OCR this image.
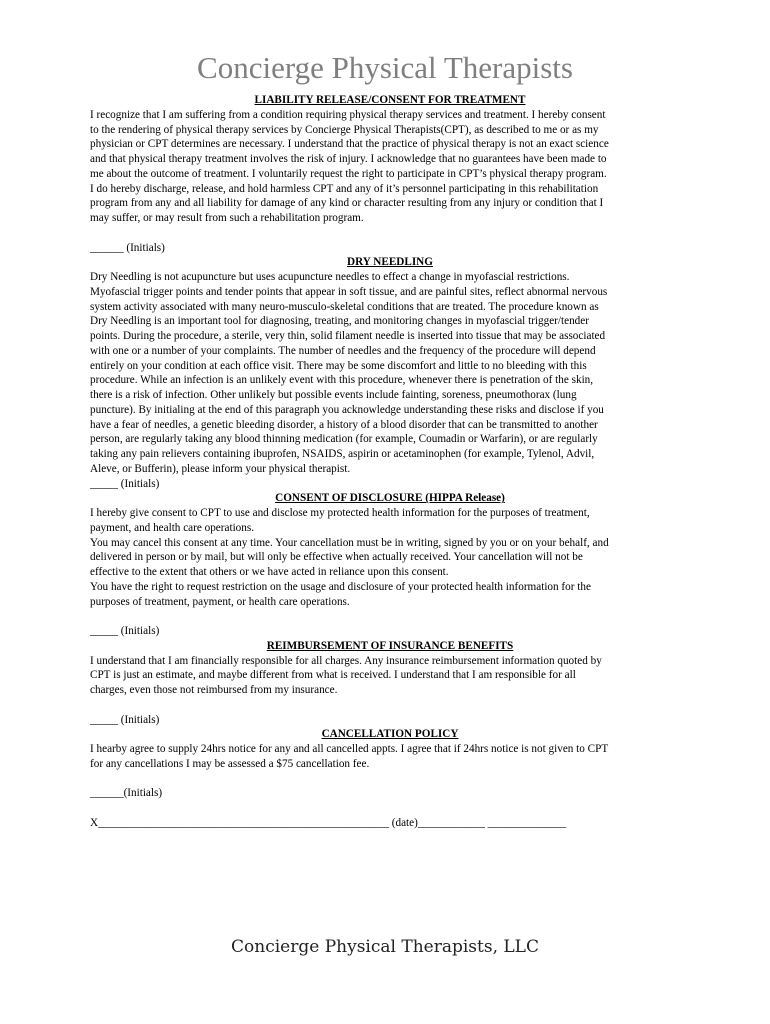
Concierge Physical Therapists
LIABILITY RELEASE/CONSENT FOR TREATMENT
I recognize that I am suffering from a condition requiring physical therapy services and treatment. I hereby consent
to the rendering of physical therapy services by Concierge Physical Therapists(CPT), as described to me or as my
physician or CPT determines are necessary. I understand that the practice of physical therapy is not an exact science
and that physical therapy treatment involves the risk of injury. I acknowledge that no guarantees have been made to
me about the outcome of treatment. I voluntarily request the right to participate in CPT’s physical therapy program.
I do hereby discharge, release, and hold harmless CPT and any of it’s personnel participating in this rehabilitation
program from any and all liability for damage of any kind or character resulting from any injury or condition that I
may suffer, or may result from such a rehabilitation program.
______ (Initials)
DRY NEEDLING
Dry Needling is not acupuncture but uses acupuncture needles to effect a change in myofascial restrictions.
Myofascial trigger points and tender points that appear in soft tissue, and are painful sites, reflect abnormal nervous
system activity associated with many neuro-musculo-skeletal conditions that are treated. The procedure known as
Dry Needling is an important tool for diagnosing, treating, and monitoring changes in myofascial trigger/tender
points. During the procedure, a sterile, very thin, solid filament needle is inserted into tissue that may be associated
with one or a number of your complaints. The number of needles and the frequency of the procedure will depend
entirely on your condition at each office visit. There may be some discomfort and little to no bleeding with this
procedure. While an infection is an unlikely event with this procedure, whenever there is penetration of the skin,
there is a risk of infection. Other unlikely but possible events include fainting, soreness, pneumothorax (lung
puncture). By initialing at the end of this paragraph you acknowledge understanding these risks and disclose if you
have a fear of needles, a genetic bleeding disorder, a history of a blood disorder that can be transmitted to another
person, are regularly taking any blood thinning medication (for example, Coumadin or Warfarin), or are regularly
taking any pain relievers containing ibuprofen, NSAIDS, aspirin or acetaminophen (for example, Tylenol, Advil,
Aleve, or Bufferin), please inform your physical therapist.
_____ (Initials)
CONSENT OF DISCLOSURE (HIPPA Release)
I hereby give consent to CPT to use and disclose my protected health information for the purposes of treatment,
payment, and health care operations.
You may cancel this consent at any time. Your cancellation must be in writing, signed by you or on your behalf, and
delivered in person or by mail, but will only be effective when actually received. Your cancellation will not be
effective to the extent that others or we have acted in reliance upon this consent.
You have the right to request restriction on the usage and disclosure of your protected health information for the
purposes of treatment, payment, or health care operations.
_____ (Initials)
REIMBURSEMENT OF INSURANCE BENEFITS
I understand that I am financially responsible for all charges. Any insurance reimbursement information quoted by
CPT is just an estimate, and maybe different from what is received. I understand that I am responsible for all
charges, even those not reimbursed from my insurance.
_____ (Initials)
CANCELLATION POLICY
I hearby agree to supply 24hrs notice for any and all cancelled appts. I agree that if 24hrs notice is not given to CPT
for any cancellations I may be assessed a $75 cancellation fee.
______(Initials)
X____________________________________________________ (date)____________ ______________
Concierge Physical Therapists, LLC
